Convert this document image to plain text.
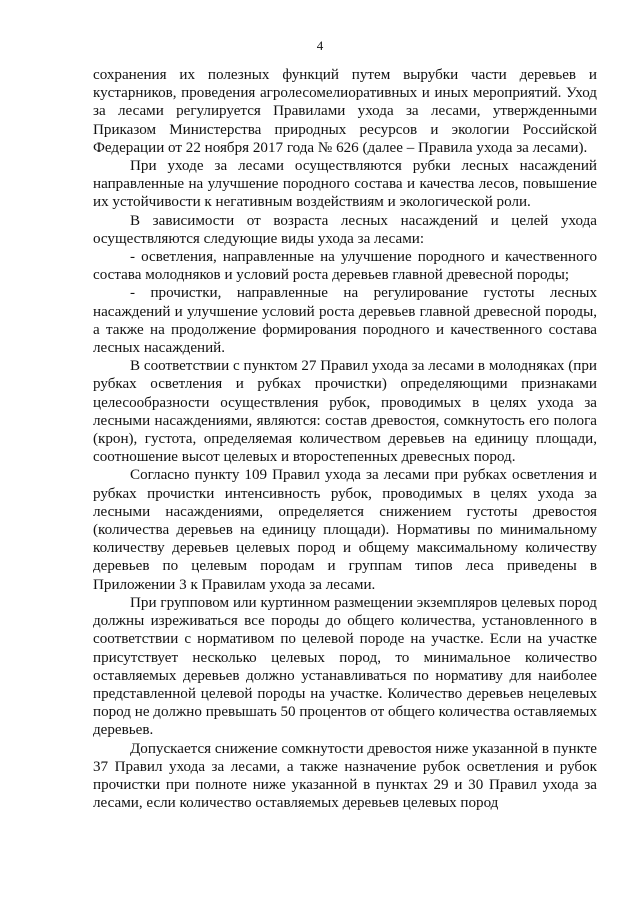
4

сохранения их полезных функций путем вырубки части деревьев и кустарников, проведения агролесомелиоративных и иных мероприятий. Уход за лесами регулируется Правилами ухода за лесами, утвержденными Приказом Министерства природных ресурсов и экологии Российской Федерации от 22 ноября 2017 года № 626 (далее – Правила ухода за лесами).

При уходе за лесами осуществляются рубки лесных насаждений направленные на улучшение породного состава и качества лесов, повышение их устойчивости к негативным воздействиям и экологической роли.

В зависимости от возраста лесных насаждений и целей ухода осуществляются следующие виды ухода за лесами:

- осветления, направленные на улучшение породного и качественного состава молодняков и условий роста деревьев главной древесной породы;

- прочистки, направленные на регулирование густоты лесных насаждений и улучшение условий роста деревьев главной древесной породы, а также на продолжение формирования породного и качественного состава лесных насаждений.

В соответствии с пунктом 27 Правил ухода за лесами в молодняках (при рубках осветления и рубках прочистки) определяющими признаками целесообразности осуществления рубок, проводимых в целях ухода за лесными насаждениями, являются: состав древостоя, сомкнутость его полога (крон), густота, определяемая количеством деревьев на единицу площади, соотношение высот целевых и второстепенных древесных пород.

Согласно пункту 109 Правил ухода за лесами при рубках осветления и рубках прочистки интенсивность рубок, проводимых в целях ухода за лесными насаждениями, определяется снижением густоты древостоя (количества деревьев на единицу площади). Нормативы по минимальному количеству деревьев целевых пород и общему максимальному количеству деревьев по целевым породам и группам типов леса приведены в Приложении 3 к Правилам ухода за лесами.

При групповом или куртинном размещении экземпляров целевых пород должны изреживаться все породы до общего количества, установленного в соответствии с нормативом по целевой породе на участке. Если на участке присутствует несколько целевых пород, то минимальное количество оставляемых деревьев должно устанавливаться по нормативу для наиболее представленной целевой породы на участке. Количество деревьев нецелевых пород не должно превышать 50 процентов от общего количества оставляемых деревьев.

Допускается снижение сомкнутости древостоя ниже указанной в пункте 37 Правил ухода за лесами, а также назначение рубок осветления и рубок прочистки при полноте ниже указанной в пунктах 29 и 30 Правил ухода за лесами, если количество оставляемых деревьев целевых пород
